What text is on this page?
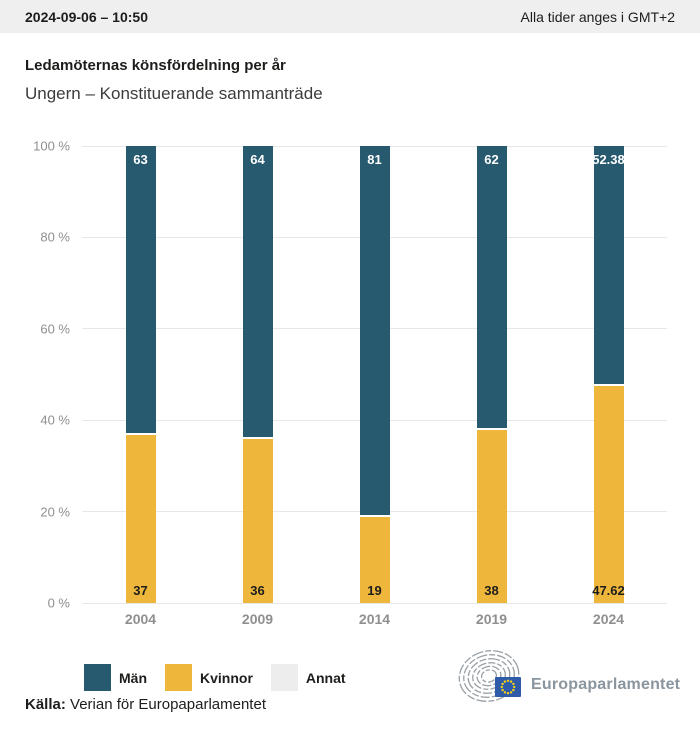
2024-09-06 – 10:50	Alla tider anges i GMT+2
Ledamöternas könsfördelning per år
Ungern – Konstituerande sammanträde
0 %
20 %
40 %
60 %
80 %
100 %
63
37
2004
64
36
2009
81
19
2014
62
38
2019
52.38
47.62
2024
Män	Kvinnor	Annat
Källa: Verian för Europaparlamentet
Europaparlamentet
